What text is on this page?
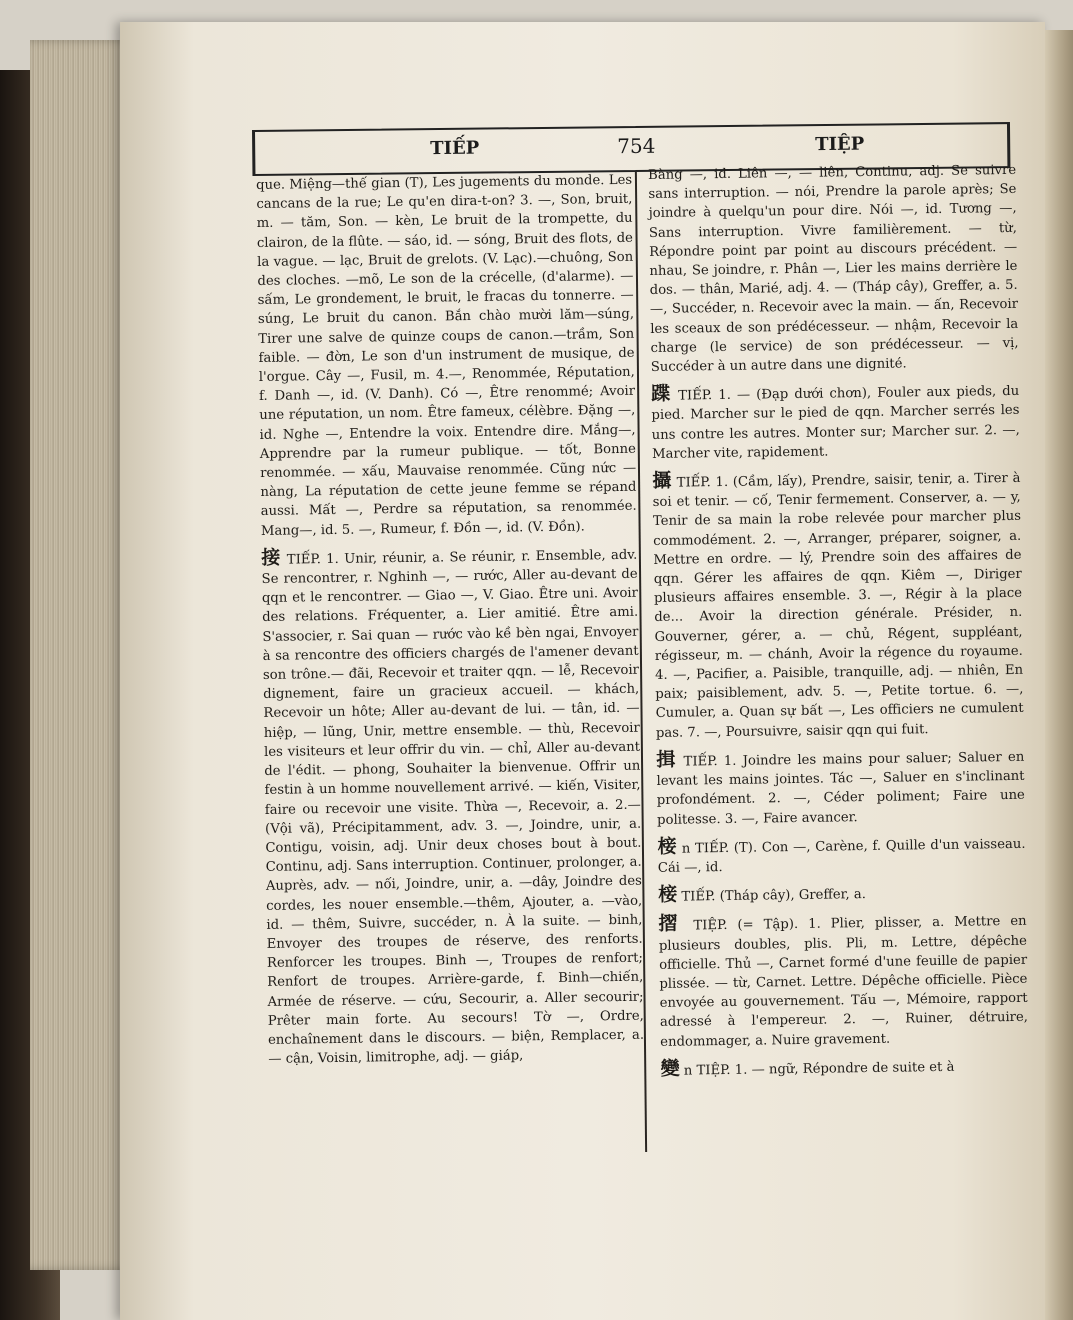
TIẾP	754	TIỆP

que. Miệng—thế gian (T), Les jugements du monde. Les cancans de la rue; Le qu'en dira-t-on? 3. —, Son, bruit, m. — tăm, Son. — kèn, Le bruit de la trompette, du clairon, de la flûte. — sáo, id. — sóng, Bruit des flots, de la vague. — lạc, Bruit de grelots. (V. Lạc).—chuông, Son des cloches. —mõ, Le son de la crécelle, (d'alarme). —sấm, Le grondement, le bruit, le fracas du tonnerre. —súng, Le bruit du canon. Bắn chào mười lăm—súng, Tirer une salve de quinze coups de canon.—trầm, Son faible. — đờn, Le son d'un instrument de musique, de l'orgue. Cây —, Fusil, m. 4.—, Renommée, Réputation, f. Danh —, id. (V. Danh). Có —, Être renommé; Avoir une réputation, un nom. Être fameux, célèbre. Đặng —, id. Nghe —, Entendre la voix. Entendre dire. Mắng—, Apprendre par la rumeur publique. — tốt, Bonne renommée. — xấu, Mauvaise renommée. Cũng nức — nàng, La réputation de cette jeune femme se répand aussi. Mất —, Perdre sa réputation, sa renommée. Mang—, id. 5. —, Rumeur, f. Đồn —, id. (V. Đồn).

接 TIẾP. 1. Unir, réunir, a. Se réunir, r. Ensemble, adv. Se rencontrer, r. Nghinh —, — rước, Aller au-devant de qqn et le rencontrer. — Giao —, V. Giao. Être uni. Avoir des relations. Fréquenter, a. Lier amitié. Être ami. S'associer, r. Sai quan — rước vào kề bèn ngai, Envoyer à sa rencontre des officiers chargés de l'amener devant son trône.— đãi, Recevoir et traiter qqn. — lễ, Recevoir dignement, faire un gracieux accueil. — khách, Recevoir un hôte; Aller au-devant de lui. — tân, id. — hiệp, — lũng, Unir, mettre ensemble. — thù, Recevoir les visiteurs et leur offrir du vin. — chỉ, Aller au-devant de l'édit. — phong, Souhaiter la bienvenue. Offrir un festin à un homme nouvellement arrivé. — kiến, Visiter, faire ou recevoir une visite. Thừa —, Recevoir, a. 2.—(Vội vã), Précipitamment, adv. 3. —, Joindre, unir, a. Contigu, voisin, adj. Unir deux choses bout à bout. Continu, adj. Sans interruption. Continuer, prolonger, a. Auprès, adv. — nối, Joindre, unir, a. —dây, Joindre des cordes, les nouer ensemble.—thêm, Ajouter, a. —vào, id. — thêm, Suivre, succéder, n. À la suite. — binh, Envoyer des troupes de réserve, des renforts. Renforcer les troupes. Binh —, Troupes de renfort; Renfort de troupes. Arrière-garde, f. Binh—chiến, Armée de réserve. — cứu, Secourir, a. Aller secourir; Prêter main forte. Au secours! Tờ —, Ordre, enchaînement dans le discours. — biện, Remplacer, a. — cận, Voisin, limitrophe, adj. — giáp,

Bàng —, id. Liên —, — liên, Continu, adj. Se suivre sans interruption. — nói, Prendre la parole après; Se joindre à quelqu'un pour dire. Nói —, id. Tương —, Sans interruption. Vivre familièrement. — từ, Répondre point par point au discours précédent. — nhau, Se joindre, r. Phân —, Lier les mains derrière le dos. — thân, Marié, adj. 4. — (Tháp cây), Greffer, a. 5. —, Succéder, n. Recevoir avec la main. — ấn, Recevoir les sceaux de son prédécesseur. — nhậm, Recevoir la charge (le service) de son prédécesseur. — vị, Succéder à un autre dans une dignité.

蹀 TIẾP. 1. — (Đạp dưới chơn), Fouler aux pieds, du pied. Marcher sur le pied de qqn. Marcher serrés les uns contre les autres. Monter sur; Marcher sur. 2. —, Marcher vite, rapidement.

攝 TIẾP. 1. (Cầm, lấy), Prendre, saisir, tenir, a. Tirer à soi et tenir. — cố, Tenir fermement. Conserver, a. — y, Tenir de sa main la robe relevée pour marcher plus commodément. 2. —, Arranger, préparer, soigner, a. Mettre en ordre. — lý, Prendre soin des affaires de qqn. Gérer les affaires de qqn. Kiêm —, Diriger plusieurs affaires ensemble. 3. —, Régir à la place de... Avoir la direction générale. Présider, n. Gouverner, gérer, a. — chủ, Régent, suppléant, régisseur, m. — chánh, Avoir la régence du royaume. 4. —, Pacifier, a. Paisible, tranquille, adj. — nhiên, En paix; paisiblement, adv. 5. —, Petite tortue. 6. —, Cumuler, a. Quan sự bất —, Les officiers ne cumulent pas. 7. —, Poursuivre, saisir qqn qui fuit.

揖 TIẾP. 1. Joindre les mains pour saluer; Saluer en levant les mains jointes. Tác —, Saluer en s'inclinant profondément. 2. —, Céder poliment; Faire une politesse. 3. —, Faire avancer.

椄 n TIẾP. (T). Con —, Carène, f. Quille d'un vaisseau. Cái —, id.

椄 TIẾP. (Tháp cây), Greffer, a.

摺 TIỆP. (= Tập). 1. Plier, plisser, a. Mettre en plusieurs doubles, plis. Pli, m. Lettre, dépêche officielle. Thủ —, Carnet formé d'une feuille de papier plissée. — từ, Carnet. Lettre. Dépêche officielle. Pièce envoyée au gouvernement. Tấu —, Mémoire, rapport adressé à l'empereur. 2. —, Ruiner, détruire, endommager, a. Nuire gravement.

變 n TIỆP. 1. — ngữ, Répondre de suite et à
